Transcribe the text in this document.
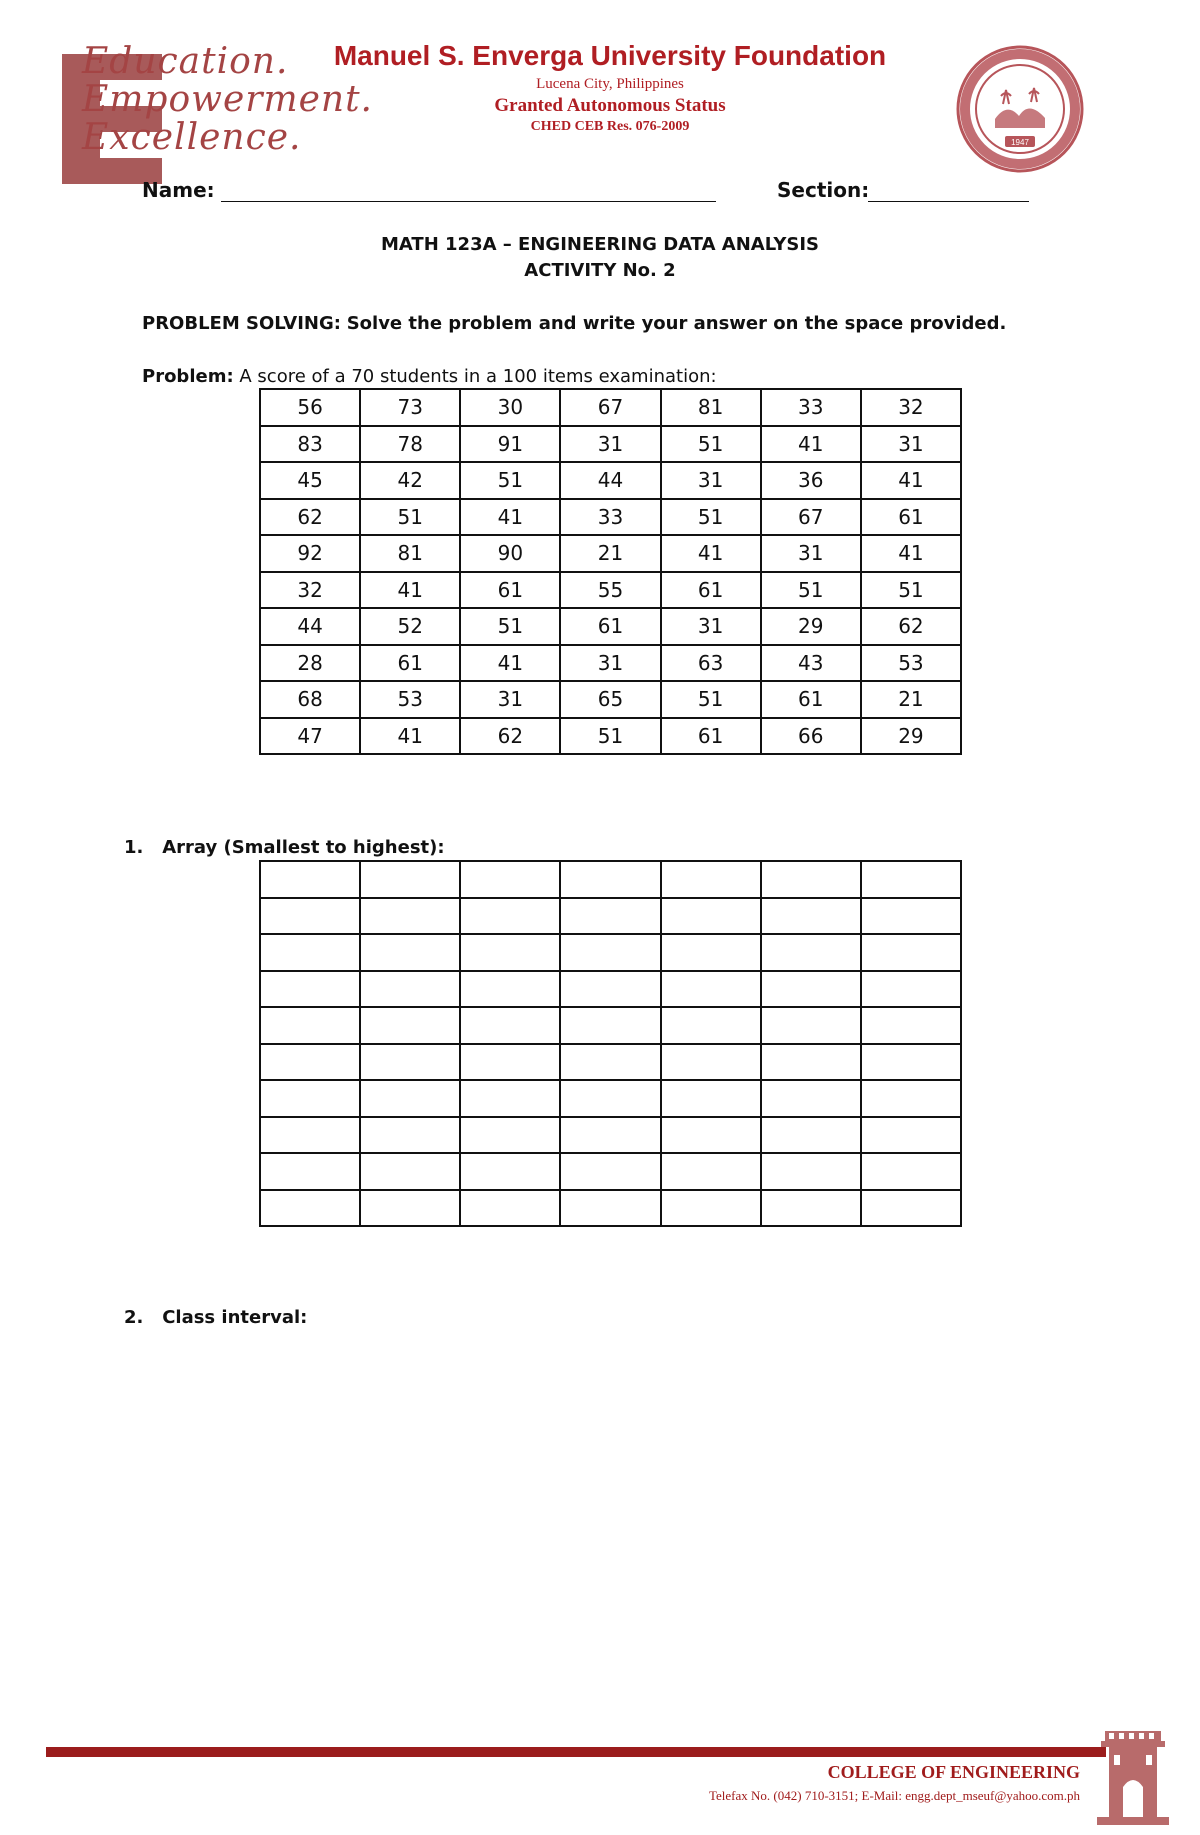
Education.
Empowerment.
Excellence.
Manuel S. Enverga University Foundation
Lucena City, Philippines
Granted Autonomous Status
CHED CEB Res. 076-2009
1947
Name:	Section:
MATH 123A – ENGINEERING DATA ANALYSIS
ACTIVITY No. 2
PROBLEM SOLVING: Solve the problem and write your answer on the space provided.
Problem: A score of a 70 students in a 100 items examination:
56	73	30	67	81	33	32
83	78	91	31	51	41	31
45	42	51	44	31	36	41
62	51	41	33	51	67	61
92	81	90	21	41	31	41
32	41	61	55	61	51	51
44	52	51	61	31	29	62
28	61	41	31	63	43	53
68	53	31	65	51	61	21
47	41	62	51	61	66	29
1. Array (Smallest to highest):

2. Class interval:
COLLEGE OF ENGINEERING
Telefax No. (042) 710-3151; E-Mail: engg.dept_mseuf@yahoo.com.ph
